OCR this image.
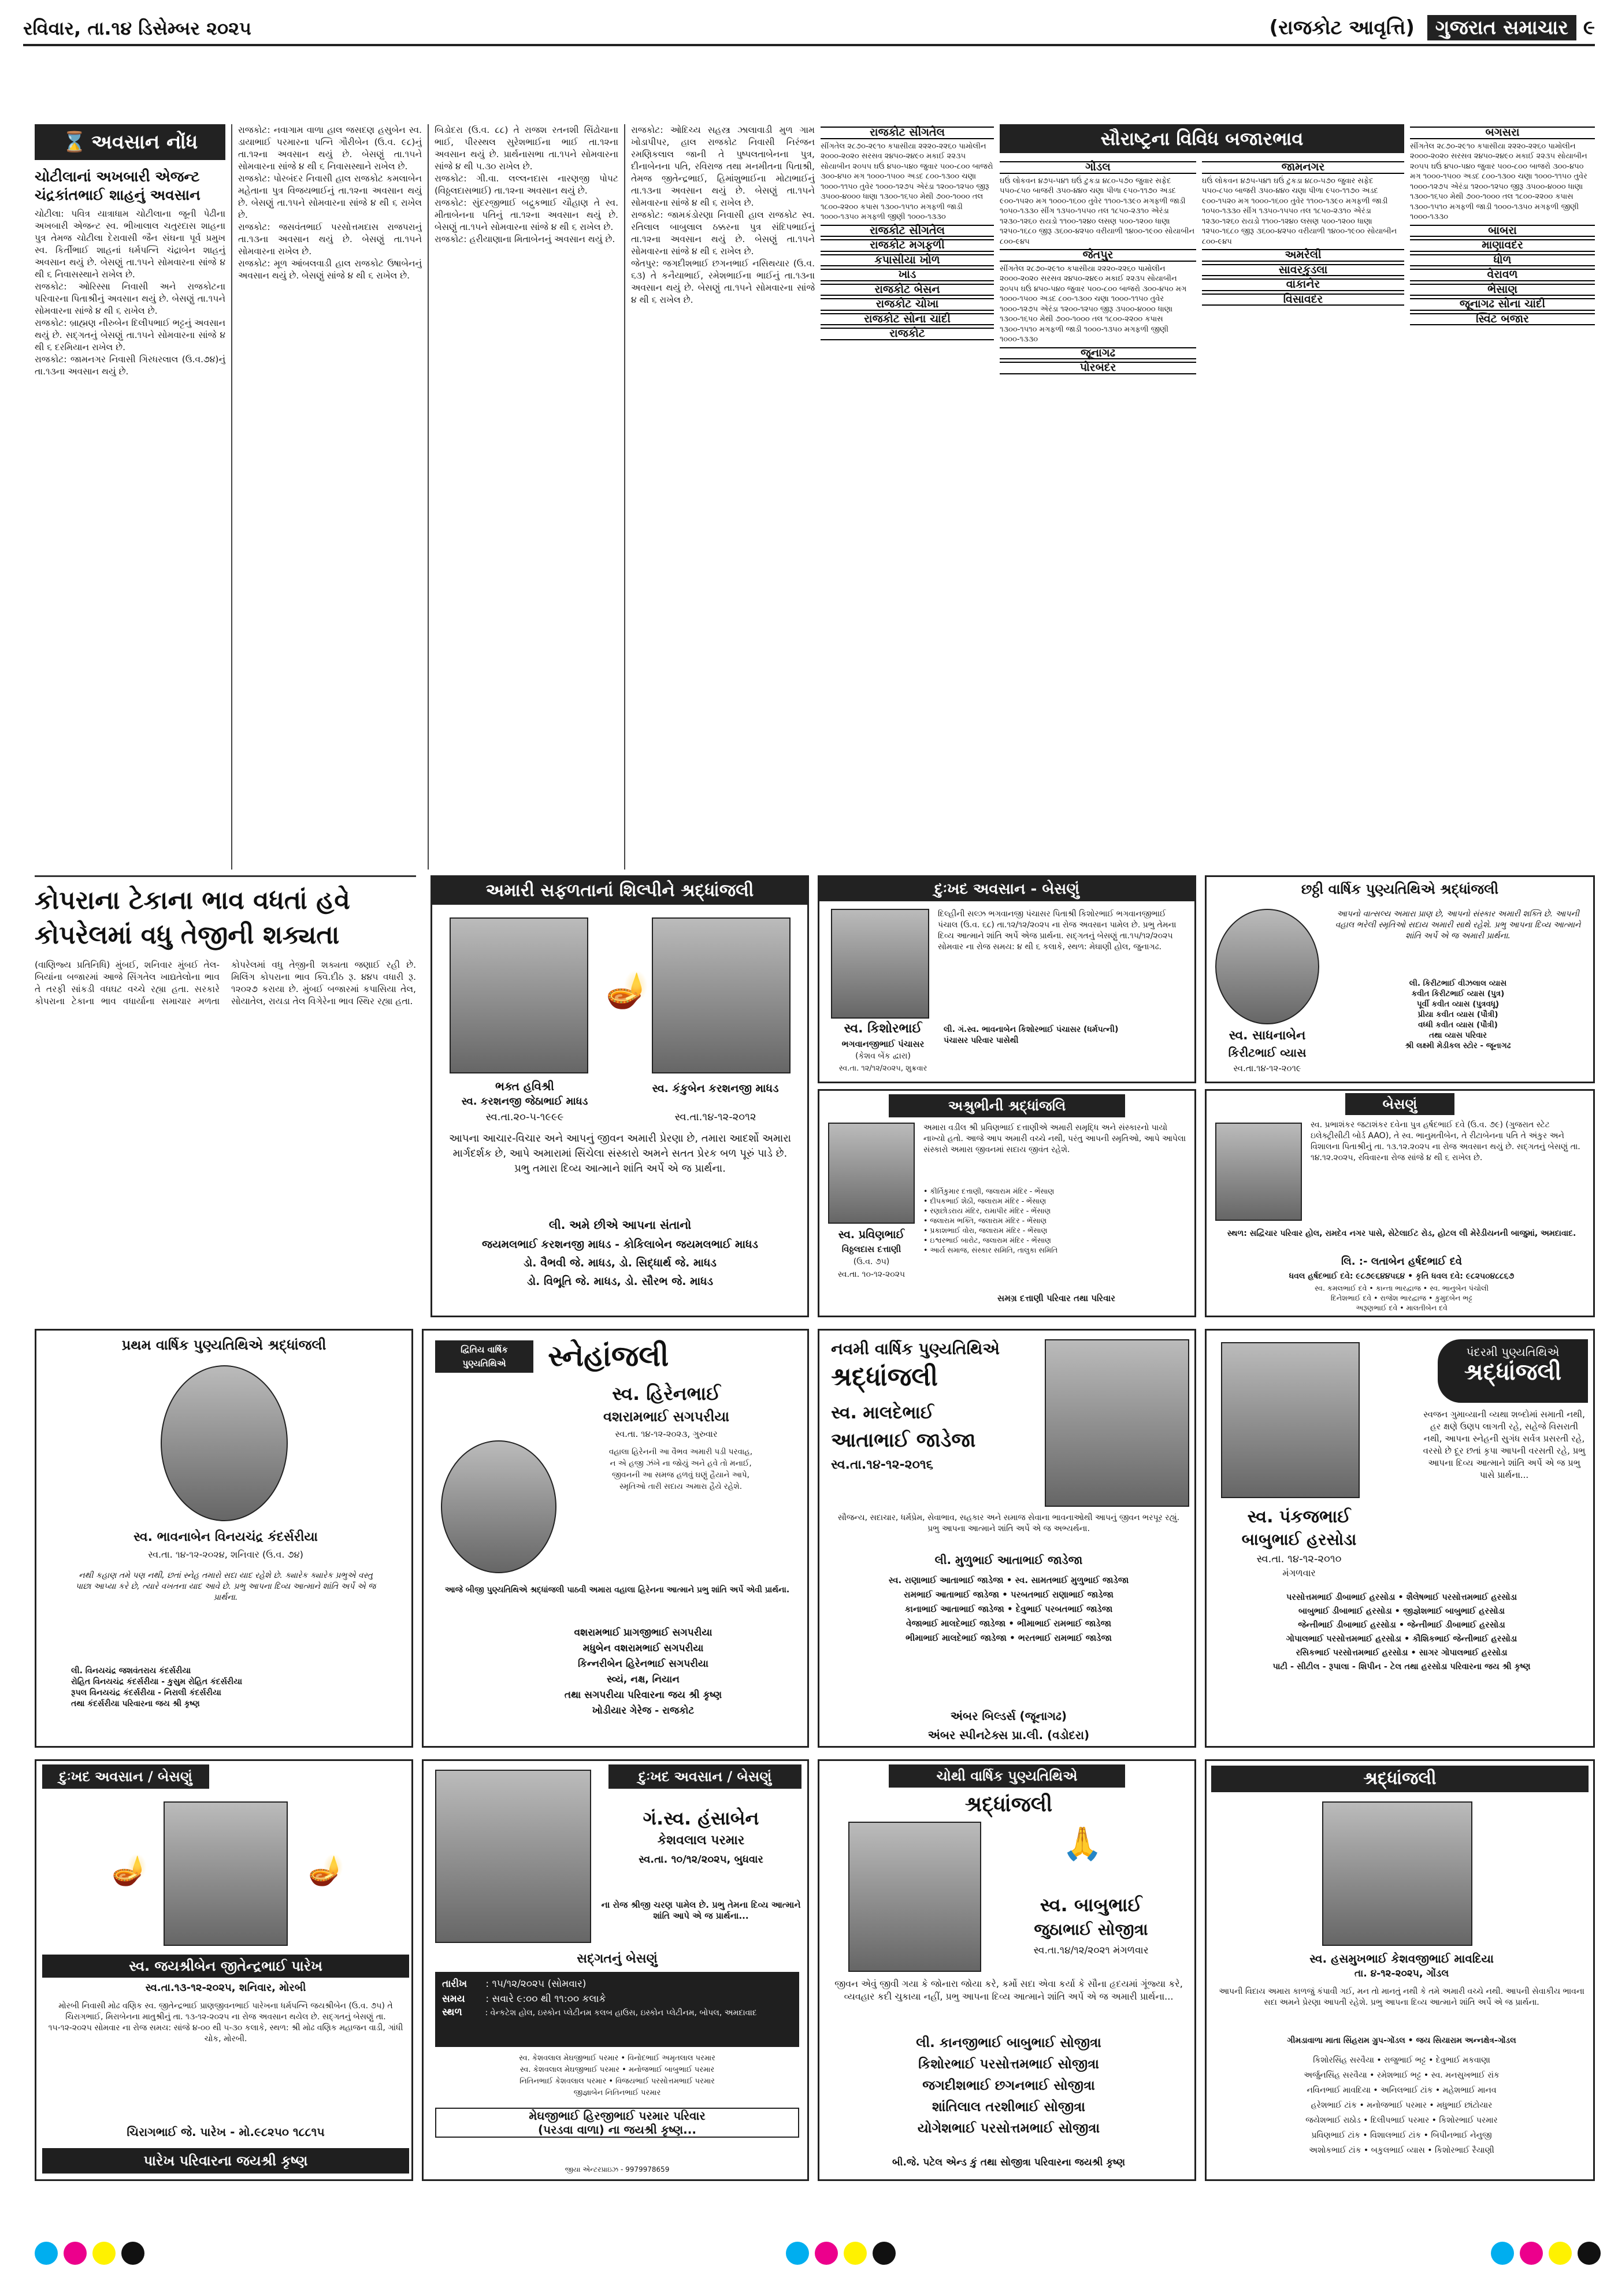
રવિવાર, તા.૧૪ ડિસેમ્બર ૨૦૨૫	(રાજકોટ આવૃત્તિ) ગુજરાત સમાચાર ૯
⌛ અવસાન નોંધ
ચોટીલાનાં અખબારી એજન્ટ ચંદ્રકાંતભાઈ શાહનું અવસાન
ચોટીલા: પવિત્ર યાત્રાધામ ચોટીલાના જૂની પેઢીના અખબારી એજન્ટ સ્વ. ભીખાલાલ ચતુરદાસ શાહના પુત્ર તેમજ ચોટીલા દેરાવાસી જૈન સંઘના પૂર્વ પ્રમુખ સ્વ. કિર્તીભાઈ શાહનાં ધર્મપત્નિ ચંદ્રાબેન શાહનું અવસાન થયું છે. બેસણું તા.૧૫ને સોમવારના સાંજે ૪ થી ૬ નિવાસસ્થાને રાખેલ છે.
રાજકોટ: ઓરિસ્સા નિવાસી અને રાજકોટના પરિવારના પિતાશ્રીનું અવસાન થયું છે. બેસણું તા.૧૫ને સોમવારના સાંજે ૪ થી ૬ રાખેલ છે.
રાજકોટ: બ્રાહ્મણ નીરુબેન દિલીપભાઈ ભટ્ટનું અવસાન થયું છે. સદ્ગતનું બેસણું તા.૧૫ને સોમવારના સાંજે ૪ થી ૬ દરમિયાન રાખેલ છે.
રાજકોટ: જામનગર નિવાસી ગિરધરલાલ (ઉ.વ.૭૪)નું તા.૧૩ના અવસાન થયું છે.
રાજકોટ: નવાગામ વાળા હાલ જસદણ હસુબેન સ્વ. ડાયાભાઈ પરમારના પત્નિ ગૌરીબેન (ઉ.વ. ૯૮)નું તા.૧૨ના અવસાન થયું છે. બેસણું તા.૧૫ને સોમવારના સાંજે ૪ થી ૬ નિવાસસ્થાને રાખેલ છે.
રાજકોટ: પોરબંદર નિવાસી હાલ રાજકોટ કમલાબેન મહેતાના પુત્ર વિજયભાઈનું તા.૧૨ના અવસાન થયું છે. બેસણું તા.૧૫ને સોમવારના સાંજે ૪ થી ૬ રાખેલ છે.
રાજકોટ: જસવંતભાઈ પરસોત્તમદાસ રાજપરાનું તા.૧૩ના અવસાન થયું છે. બેસણું તા.૧૫ને સોમવારના રાખેલ છે.
રાજકોટ: મૂળ આંબલવાડી હાલ રાજકોટ ઉષાબેનનું અવસાન થયું છે. બેસણું સાંજે ૪ થી ૬ રાખેલ છે.
બિડોદરા (ઉ.વ. ૮૮) તે રાજશ રતનશી સિંઢોચાના ભાઈ, પીરસ્થલ સુરેશભાઈના ભાઈ તા.૧૨ના અવસાન થયું છે. પ્રાર્થનાસભા તા.૧૫ને સોમવારના સાંજે ૪ થી ૫.૩૦ રાખેલ છે.
રાજકોટ: ગી.વા. લલ્લનદાસ નારણજી પોપટ (વિઠ્ઠલદાસભાઈ) તા.૧૨ના અવસાન થયું છે.
રાજકોટ: સુંદરજીભાઈ બદ્રુકભાઈ ચૌહાણ તે સ્વ. મીતાબેનના પતિનું તા.૧૨ના અવસાન થયું છે. બેસણું તા.૧૫ને સોમવારના સાંજે ૪ થી ૬ રાખેલ છે.
રાજકોટ: હરીયાણાના મિતાબેનનું અવસાન થયું છે.
રાજકોટ: ઓદિચ્ય સહસ્ત્ર ઝાલાવાડી મુળ ગામ ખોડાપીપર, હાલ રાજકોટ નિવાસી નિરંજન રમણિકલાલ જાની તે પુષ્પલતાબેનના પુત્ર, દીનાબેનના પતિ, રવિરાજ તથા મનમીતના પિતાશ્રી, તેમજ જીતેન્દ્રભાઈ, હિમાંશુભાઈના મોટાભાઈનું તા.૧૩ના અવસાન થયું છે. બેસણું તા.૧૫ને સોમવારના સાંજે ૪ થી ૬ રાખેલ છે.
રાજકોટ: જામકંડોરણા નિવાસી હાલ રાજકોટ સ્વ. રતિલાલ બાબુલાલ ઠક્કરના પુત્ર સંદિપભાઈનું તા.૧૨ના અવસાન થયું છે. બેસણું તા.૧૫ને સોમવારના સાંજે ૪ થી ૬ રાખેલ છે.
જેતપુર: જગદીશભાઈ છગનભાઈ નસિથયાર (ઉ.વ. ૬૩) તે કનૈયાભાઈ, રમેશભાઈના ભાઈનું તા.૧૩ના અવસાન થયું છે. બેસણું તા.૧૫ને સોમવારના સાંજે ૪ થી ૬ રાખેલ છે.
કોપરાના ટેકાના ભાવ વધતાં હવે
કોપરેલમાં વધુ તેજીની શક્યતા
(વાણિજ્ય પ્રતિનિધિ) મુંબઈ, શનિવાર મુંબઈ તેલ-બિયાંના બજારમાં આજે સિંગતેલ ખાદ્યતેલોના ભાવ તે તરફી સાંકડી વધઘટ વચ્ચે રહ્યા હતા. સરકારે કોપરાના ટેકાના ભાવ વધાર્યાના સમાચાર મળતા કોપરેલમાં વધુ તેજીની શક્યતા જણાઈ રહી છે. મિલિંગ કોપરાના ભાવ ક્વિ.દીઠ રૂ. ૪૪૫ વધારી રૂ. ૧૨૦૨૭ કરાયા છે. મુંબઈ બજારમાં કપાસિયા તેલ, સોયાતેલ, રાયડા તેલ વિગેરેના ભાવ સ્થિર રહ્યા હતા.
રાજકોટ સીંગતેલ
સીંગતેલ ૨૮૭૦-૨૯૧૦ કપાસીયા ૨૨૨૦-૨૨૬૦ પામોલીન ૨૦૦૦-૨૦૨૦ સરસવ ૨૪૫૦-૨૪૯૦ મકાઈ ૨૨૩૫ સોયાબીન ૨૦૫૫ ઘઉં ૪૫૦-૫૪૦ જુવાર ૫૦૦-૮૦૦ બાજરો ૩૦૦-૪૫૦ મગ ૧૦૦૦-૧૫૦૦ અડદ ૮૦૦-૧૩૦૦ ચણા ૧૦૦૦-૧૧૫૦ તુવેર ૧૦૦૦-૧૨૭૫ એરંડા ૧૨૦૦-૧૨૫૦ જીરૂ ૩૫૦૦-૪૦૦૦ ધાણા ૧૩૦૦-૧૬૫૦ મેથી ૭૦૦-૧૦૦૦ તલ ૧૮૦૦-૨૨૦૦ કપાસ ૧૩૦૦-૧૫૧૦ મગફળી જાડી ૧૦૦૦-૧૩૫૦ મગફળી જીણી ૧૦૦૦-૧૩૩૦
રાજકોટ સીંગતેલ
રાજકોટ મગફળી
કપાસીયા ખોળ
ખાંડ
રાજકોટ બેસન
રાજકોટ ચોખા
રાજકોટ સોના ચાંદી
રાજકોટ
સૌરાષ્ટ્રના વિવિધ બજારભાવ
ગોંડલ
ઘઉં લોકવન ૪૭૫-૫૪૧ ઘઉં ટુકડા ૪૮૦-૫૭૦ જુવાર સફેદ ૫૫૦-૮૫૦ બાજરી ૩૫૦-૪૪૦ ચણા પીળા ૯૫૦-૧૧૭૦ અડદ ૯૦૦-૧૫૨૦ મગ ૧૦૦૦-૧૬૦૦ તુવેર ૧૧૦૦-૧૩૯૦ મગફળી જાડી ૧૦૫૦-૧૩૩૦ સીંગ ૧૩૫૦-૧૫૫૦ તલ ૧૮૫૦-૨૩૧૦ એરંડા ૧૨૩૦-૧૨૬૦ રાયડો ૧૧૦૦-૧૨૪૦ લસણ ૫૦૦-૧૨૦૦ ધાણા ૧૨૫૦-૧૬૮૦ જીરૂ ૩૬૦૦-૪૨૫૦ વરીયાળી ૧૪૦૦-૧૯૦૦ સોયાબીન ૮૦૦-૯૪૫
જેતપુર
સીંગતેલ ૨૮૭૦-૨૯૧૦ કપાસીયા ૨૨૨૦-૨૨૬૦ પામોલીન ૨૦૦૦-૨૦૨૦ સરસવ ૨૪૫૦-૨૪૯૦ મકાઈ ૨૨૩૫ સોયાબીન ૨૦૫૫ ઘઉં ૪૫૦-૫૪૦ જુવાર ૫૦૦-૮૦૦ બાજરો ૩૦૦-૪૫૦ મગ ૧૦૦૦-૧૫૦૦ અડદ ૮૦૦-૧૩૦૦ ચણા ૧૦૦૦-૧૧૫૦ તુવેર ૧૦૦૦-૧૨૭૫ એરંડા ૧૨૦૦-૧૨૫૦ જીરૂ ૩૫૦૦-૪૦૦૦ ધાણા ૧૩૦૦-૧૬૫૦ મેથી ૭૦૦-૧૦૦૦ તલ ૧૮૦૦-૨૨૦૦ કપાસ ૧૩૦૦-૧૫૧૦ મગફળી જાડી ૧૦૦૦-૧૩૫૦ મગફળી જીણી ૧૦૦૦-૧૩૩૦
જૂનાગઢ
પોરબંદર
જામનગર
ઘઉં લોકવન ૪૭૫-૫૪૧ ઘઉં ટુકડા ૪૮૦-૫૭૦ જુવાર સફેદ ૫૫૦-૮૫૦ બાજરી ૩૫૦-૪૪૦ ચણા પીળા ૯૫૦-૧૧૭૦ અડદ ૯૦૦-૧૫૨૦ મગ ૧૦૦૦-૧૬૦૦ તુવેર ૧૧૦૦-૧૩૯૦ મગફળી જાડી ૧૦૫૦-૧૩૩૦ સીંગ ૧૩૫૦-૧૫૫૦ તલ ૧૮૫૦-૨૩૧૦ એરંડા ૧૨૩૦-૧૨૬૦ રાયડો ૧૧૦૦-૧૨૪૦ લસણ ૫૦૦-૧૨૦૦ ધાણા ૧૨૫૦-૧૬૮૦ જીરૂ ૩૬૦૦-૪૨૫૦ વરીયાળી ૧૪૦૦-૧૯૦૦ સોયાબીન ૮૦૦-૯૪૫
અમરેલી
સાવરકુંડલા
વાંકાનેર
વિસાવદર
બગસરા
સીંગતેલ ૨૮૭૦-૨૯૧૦ કપાસીયા ૨૨૨૦-૨૨૬૦ પામોલીન ૨૦૦૦-૨૦૨૦ સરસવ ૨૪૫૦-૨૪૯૦ મકાઈ ૨૨૩૫ સોયાબીન ૨૦૫૫ ઘઉં ૪૫૦-૫૪૦ જુવાર ૫૦૦-૮૦૦ બાજરો ૩૦૦-૪૫૦ મગ ૧૦૦૦-૧૫૦૦ અડદ ૮૦૦-૧૩૦૦ ચણા ૧૦૦૦-૧૧૫૦ તુવેર ૧૦૦૦-૧૨૭૫ એરંડા ૧૨૦૦-૧૨૫૦ જીરૂ ૩૫૦૦-૪૦૦૦ ધાણા ૧૩૦૦-૧૬૫૦ મેથી ૭૦૦-૧૦૦૦ તલ ૧૮૦૦-૨૨૦૦ કપાસ ૧૩૦૦-૧૫૧૦ મગફળી જાડી ૧૦૦૦-૧૩૫૦ મગફળી જીણી ૧૦૦૦-૧૩૩૦
બાબરા
માણાવદર
ધોળ
વેરાવળ
ભેંસાણ
જૂનાગઢ સોના ચાંદી
સ્વિટ બજાર
અમારી સફળતાનાં શિલ્પીને શ્રદ્ધાંજલી
🪔
ભક્ત હવિશ્રી
સ્વ. કરશનજી જેઠાભાઈ માધડ
સ્વ.તા.૨૦-૫-૧૯૯૯
સ્વ. કંકુબેન કરશનજી માધડ
સ્વ.તા.૧૪-૧૨-૨૦૧૨
આપના આચાર-વિચાર અને આપનું જીવન અમારી પ્રેરણા છે, તમારા આદર્શો અમારા માર્ગદર્શક છે, આપે અમારામાં સિંચેલા સંસ્કારો અમને સતત પ્રેરક બળ પૂરું પાડે છે. પ્રભુ તમારા દિવ્ય આત્માને શાંતિ અર્પે એ જ પ્રાર્થના.
લી. અમે છીએ આપના સંતાનો
જયમલભાઈ કરશનજી માધડ - કોકિલાબેન જયમલભાઈ માધડ
ડો. વૈભવી જે. માધડ, ડો. સિદ્ધાર્થ જે. માધડ
ડો. વિભૂતિ જે. માધડ, ડો. સૌરભ જે. માધડ
દુઃખદ અવસાન - બેસણું
દિલ્હીની સલ્ઝ ભગવાનજી પંચાસર પિતાશ્રી કિશોરભાઈ ભગવાનજીભાઈ પંચાલ (ઉ.વ. ૬૮) તા.૧૨/૧૨/૨૦૨૫ ના રોજ અવસાન પામેલ છે. પ્રભુ તેમના દિવ્ય આત્માને શાંતિ અર્પે એજ પ્રાર્થના. સદ્ગતનું બેસણું તા.૧૫/૧૨/૨૦૨૫ સોમવાર ના રોજ સમય: ૪ થી ૬ કલાકે, સ્થળ: મેઘાણી હોલ, જુનાગઢ.
સ્વ. કિશોરભાઈ
ભગવાનજીભાઈ પંચાસર
(કેશવ બેંક દ્વારા)
સ્વ.તા. ૧૨/૧૨/૨૦૨૫, શુક્રવાર
લી. ગં.સ્વ. ભાવનાબેન કિશોરભાઈ પંચાસર (ધર્મપત્ની)
પંચાસર પરિવાર પાસેથી
છઠ્ઠી વાર્ષિક પુણ્યતિથિએ શ્રદ્ધાંજલી
આપનો વાત્સલ્ય અમારા પ્રાણ છે, આપનો સંસ્કાર અમારી શક્તિ છે. આપની વહાલ ભરેલી સ્મૃતિઓ સદાય અમારી સાથે રહેશે. પ્રભુ આપના દિવ્ય આત્માને શાંતિ અર્પે એ જ અમારી પ્રાર્થના.
સ્વ. સાધનાબેન
કિરીટભાઈ વ્યાસ
સ્વ.તા.૧૪-૧૨-૨૦૧૯
લી. કિરીટભાઈ વીઝલાલ વ્યાસ
કવીત કિરીટભાઈ વ્યાસ (પુત્ર)
પૂર્વી કવીત વ્યાસ (પુત્રવધૂ)
પ્રીયા કવીત વ્યાસ (પૌત્રી)
વધ્ધી કવીત વ્યાસ (પૌત્રી)
તથા વ્યાસ પરિવાર
શ્રી લક્ષ્મી મેડીકલ સ્ટોર - જૂનાગઢ
અશ્રુભીની શ્રદ્ધાંજલિ
અમારા વડીલ શ્રી પ્રવિણભાઈ દત્તાણીએ અમારી સમૃદ્ધિ અને સંસ્કારનો પાયો નાખ્યો હતો. આજે આપ અમારી વચ્ચે નથી, પરંતુ આપની સ્મૃતિઓ, આપે આપેલા સંસ્કારો અમારા જીવનમાં સદાય જીવંત રહેશે.
• કીર્તિકુમાર દત્તાણી, જલારામ મંદિર - ભેંસાણ
• દીપકભાઈ શેઠી, જલારામ મંદિર - ભેંસાણ
• રણછોડરાય મંદિર, રામાપીર મંદિર - ભેંસાણ
• જલારામ ભક્તિ, જલારામ મંદિર - ભેંસાણ
• પ્રકાશભાઈ વોરા, જલારામ મંદિર - ભેંસાણ
• ઇશ્વરભાઈ બારોટ, જલારામ મંદિર - ભેંસાણ
• આર્ય સમાજ, સંસ્કાર સમિતિ, તાલુકા સમિતિ
સ્વ. પ્રવિણભાઈ
વિઠ્ઠલદાસ દત્તાણી
(ઉ.વ. ૭૫)
સ્વ.તા. ૧૦-૧૨-૨૦૨૫
સમગ્ર દત્તાણી પરિવાર તથા પરિવાર
બેસણું
સ્વ. પ્રભાશંકર જટાશંકર દવેના પુત્ર હર્ષદભાઈ દવે (ઉ.વ. ૭૯) (ગુજરાત સ્ટેટ ઇલેક્ટ્રીસીટી બોર્ડ AAO), તે સ્વ. ભાનુમતીબેન, તે રીટાબેનના પતિ તે અંકુર અને વિશાલના પિતાશ્રીનું તા. ૧૩.૧૨.૨૦૨૫ ના રોજ અવસાન થયું છે. સદ્ગતનું બેસણું તા. ૧૪.૧૨.૨૦૨૫, રવિવારના રોજ સાંજે ૪ થી ૬ રાખેલ છે.
સ્થળ: સદ્વિચાર પરિવાર હોલ, રામદેવ નગર પાસે, સેટેલાઈટ રોડ, હોટલ લી મેરેડીયનની બાજુમાં, અમદાવાદ.
લિ. :- લતાબેન હર્ષદભાઈ દવે
ધવલ હર્ષદભાઈ દવે: ૯૮૭૯૬૪૪૫૬૪ • કૃતિ ધવલ દવે: ૯૮૨૫૦૪૮૮૬૭
સ્વ. કમલભાઈ દવે • કાન્તા ભારદ્વાજ • સ્વ. ભાનુબેન પંચોલી
દિનેશભાઈ દવે • રાજેશ ભારદ્વાજ • કુમુદબેન ભટ્ટ
અરૂણભાઈ દવે • માલતીબેન દવે
પ્રથમ વાર્ષિક પુણ્યતિથિએ શ્રદ્ધાંજલી
સ્વ. ભાવનાબેન વિનયચંદ્ર કંદર્સરીયા
સ્વ.તા. ૧૪-૧૨-૨૦૨૪, શનિવાર (ઉ.વ. ૭૪)
નથી કહાણ તમે પણ નથી, છતાં સ્નેહ તમારો સદા યાદ રહેશે છે. ક્યારેક ક્યારેક પ્રભુએ વસ્તુ પાછા આપ્યા કરે છે, ત્યારે વખતના યાદ આવે છે. પ્રભુ આપના દિવ્ય આત્માને શાંતિ અર્પે એ જ પ્રાર્થના.
લી. વિનયચંદ્ર જશવંતરાય કંદર્સરીયા
રોહિત વિનયચંદ્ર કંદર્સરીયા - કુસુમ રોહિત કંદર્સરીયા
રૂપલ વિનયચંદ્ર કંદર્સરીયા - નિરાલી કંદર્સરીયા
તથા કંદર્સરીયા પરિવારના જય શ્રી કૃષ્ણ
દ્વિતિય વાર્ષિક પુણ્યતિથિએ સ્નેહાંજલી
સ્વ. હિરેનભાઈ
વશરામભાઈ સગપરીયા
સ્વ.તા. ૧૪-૧૨-૨૦૨૩, ગુરુવાર
વહાલા હિરેનની આ વૈભવ અમારી પડી પરવાહ,
ન એ હજી ઝંખે ના જોયું અને હવે તો મનાઈ,
જીવનની આ સમજ હળવું ઘણું હૈયાને આપે,
સ્મૃતિઓ તારી સદાય અમારા હૈયે રહેશે.
આજે બીજી પુણ્યતિથિએ શ્રદ્ધાંજલી પાઠવી અમારા વહાલા હિરેનના આત્માને પ્રભુ શાંતિ અર્પે એવી પ્રાર્થના.
વશરામભાઈ પ્રાગજીભાઈ સગપરીયા
મધુબેન વશરામભાઈ સગપરીયા
કિન્નરીબેન હિરેનભાઈ સગપરીયા
સ્વ્યં, નક્ષ, નિયાન
તથા સગપરીયા પરિવારના જય શ્રી કૃષ્ણ
ખોડીયાર ગેરેજ - રાજકોટ
નવમી વાર્ષિક પુણ્યતિથિએ
શ્રદ્ધાંજલી
સ્વ. માલદેભાઈ
આતાભાઈ જાડેજા
સ્વ.તા.૧૪-૧૨-૨૦૧૬
સૌજન્ય, સદાચાર, ધર્મપ્રેમ, સેવાભાવ, સહકાર અને સમાજ સેવાના ભાવનાઓથી આપનું જીવન ભરપૂર રહ્યું. પ્રભુ આપના આત્માને શાંતિ અર્પે એ જ અભ્યર્થના.
લી. મુળુભાઈ આતાભાઈ જાડેજા
સ્વ. રાણાભાઈ આતાભાઈ જાડેજા • સ્વ. સામતભાઈ મુળુભાઈ જાડેજા
રામભાઈ આતાભાઈ જાડેજા • પરબતભાઈ રાણાભાઈ જાડેજા
કાનાભાઈ આતાભાઈ જાડેજા • દેવુભાઈ પરબતભાઈ જાડેજા
વેજાભાઈ માલદેભાઈ જાડેજા • ભીમાભાઈ રામભાઈ જાડેજા
ભીમાભાઈ માલદેભાઈ જાડેજા • ભરતભાઈ રામભાઈ જાડેજા
અંબર બિલ્ડર્સ (જૂનાગઢ)
અંબર સ્પીનટેક્સ પ્રા.લી. (વડોદરા)
પંદરમી પુણ્યતિથિએ
શ્રદ્ધાંજલી
સ્વજન ગુમાવ્યાની વ્યથા શબ્દોમાં સમાતી નથી, હર ક્ષણે ઉણપ લાગતી રહે, સહેજે વિસરાતી નથી, આપના સ્નેહની સુગંધ સર્વત્ર પ્રસરતી રહે, વરસો છે દૂર છતાં કૃપા આપની વરસતી રહે, પ્રભુ આપના દિવ્ય આત્માને શાંતિ અર્પે એ જ પ્રભુ પાસે પ્રાર્થના...
સ્વ. પંકજભાઈ
બાબુભાઈ હરસોડા
સ્વ.તા. ૧૪-૧૨-૨૦૧૦
મંગળવાર
પરસોત્તમભાઈ ડીબાભાઈ હરસોડા • શૈલેષભાઈ પરસોત્તમભાઈ હરસોડા
બાબુભાઈ ડીબાભાઈ હરસોડા • જીજ્ઞેશભાઈ બાબુભાઈ હરસોડા
જેન્તીભાઈ ડીબાભાઈ હરસોડા • જેન્તીભાઈ ડીબાભાઈ હરસોડા
ગોપાલભાઈ પરસોત્તમભાઈ હરસોડા • કૌશિકભાઈ જેન્તીભાઈ હરસોડા
રસિકભાઈ પરસોત્તમભાઈ હરસોડા • સાગર ગોપાલભાઈ હરસોડા
પાટી - સીટીલ - રૂપાલા - શિપીન - ટેલ તથા હરસોડા પરિવારના જય શ્રી કૃષ્ણ
દુઃખદ અવસાન / બેસણું
🪔	🪔
સ્વ. જયશ્રીબેન જીતેન્દ્રભાઈ પારેખ
સ્વ.તા.૧૩-૧૨-૨૦૨૫, શનિવાર, મોરબી
મોરબી નિવાસી મોઢ વણિક સ્વ. જીતેન્દ્રભાઈ પ્રાણજીવનભાઈ પારેખના ધર્મપત્નિ જયશ્રીબેન (ઉ.વ. ૭૫) તે ચિરાગભાઈ, મિરાબેનના માતુશ્રીનું તા. ૧૩-૧૨-૨૦૨૫ ના રોજ અવસાન થયેલ છે. સદ્ગતનું બેસણું તા. ૧૫-૧૨-૨૦૨૫ સોમવાર ના રોજ સમય: સાંજે ૪-૦૦ થી ૫-૩૦ કલાકે, સ્થળ: શ્રી મોઢ વણિક મહાજન વાડી, ગાંધી ચોક, મોરબી.
ચિરાગભાઈ જે. પારેખ - મો.૯૮૨૫૦ ૧૮૮૧૫
પારેખ પરિવારના જયશ્રી કૃષ્ણ
દુઃખદ અવસાન / બેસણું
ગં.સ્વ. હંસાબેન
કેશવલાલ પરમાર
સ્વ.તા. ૧૦/૧૨/૨૦૨૫, બુધવાર
ના રોજ શ્રીજી ચરણ પામેલ છે. પ્રભુ તેમના દિવ્ય આત્માને શાંતિ આપે એ જ પ્રાર્થના...
સદ્ગતનું બેસણું
તારીખ : ૧૫/૧૨/૨૦૨૫ (સોમવાર)
સમય : સવારે ૯:૦૦ થી ૧૧:૦૦ કલાકે
સ્થળ	: વેન્કટેશ હોલ, ઇસ્કોન પ્લેટીનમ કલબ હાઉસ, ઇસ્કોન પ્લેટીનમ, બોપલ, અમદાવાદ
સ્વ. કેશવલાલ મેઘજીભાઈ પરમાર • વિનોદભાઈ અમૃતલાલ પરમાર
સ્વ. કેશવલાલ મેઘજીભાઈ પરમાર • મનોજભાઈ બાબુભાઈ પરમાર
નિતિનભાઈ કેશવલાલ પરમાર • વિજયભાઈ પરસોત્તમભાઈ પરમાર
જીજ્ઞાબેન નિતિનભાઈ પરમાર
મેઘજીભાઈ હિરજીભાઈ પરમાર પરિવાર
(પરડવા વાળા) ના જયશ્રી કૃષ્ણ...
જીયા એન્ટરપ્રાઇઝ - 9979978659
ચોથી વાર્ષિક પુણ્યતિથિએ
શ્રદ્ધાંજલી
🙏
સ્વ. બાબુભાઈ
જુઠાભાઈ સોજીત્રા
સ્વ.તા.૧૪/૧૨/૨૦૨૧ મંગળવાર
જીવન એવું જીવી ગયા કે જોનારા જોયા કરે, કર્મો સદા એવા કર્યા કે સૌના હૃદયમાં ગૂંજ્યા કરે, વ્યવહાર કદી ચુકાયા નહીં, પ્રભુ આપના દિવ્ય આત્માને શાંતિ અર્પે એ જ અમારી પ્રાર્થના...
લી. કાનજીભાઈ બાબુભાઈ સોજીત્રા
કિશોરભાઈ પરસોત્તમભાઈ સોજીત્રા
જગદીશભાઈ છગનભાઈ સોજીત્રા
શાંતિલાલ તરશીભાઈ સોજીત્રા
યોગેશભાઈ પરસોત્તમભાઈ સોજીત્રા
બી.જે. પટેલ એન્ડ કું તથા સોજીત્રા પરિવારના જયશ્રી કૃષ્ણ
શ્રદ્ધાંજલી
સ્વ. હસમુખભાઈ કેશવજીભાઈ માવદિયા
તા. ૪-૧૨-૨૦૨૫, ગોંડલ
આપની વિદાય અમારા કાળજું કંપાવી ગઈ, મન તો માનતું નથી કે તમે અમારી વચ્ચે નથી. આપની સેવાકીય ભાવના સદા અમને પ્રેરણા આપતી રહેશે. પ્રભુ આપના દિવ્ય આત્માને શાંતિ અર્પે એ જ પ્રાર્થના.
ગીમડાવાળા માતા સિંહરામ ગ્રુપ-ગોંડલ • જય સિયારામ અન્નક્ષેત્ર-ગોંડલ
કિશોરસિંહ સરવૈયા • રાજુભાઈ ભટ્ટ • દેવુભાઈ મકવાણા
અર્જુનસિંહ સરવૈયા • રમેશભાઈ ભટ્ટ • સ્વ. મનસુખભાઈ રાંક
નવિનભાઈ માવદિયા • અનિલભાઈ ટાંક • મહેશભાઈ માનવ
હરેશભાઈ ટાંક • મનોજભાઈ પરમાર • મધુભાઈ છાંટોયાર
જયેશભાઈ રાઠોડ • દિલીપભાઈ પરમાર • કિશોરભાઈ પરમાર
પ્રવિણભાઈ ટાંક • વિશાલભાઈ ટાંક • બિપીનભાઈ નેનુજી
અશોકભાઈ ટાંક • બકુલભાઈ વ્યાસ • કિશોરભાઈ રૈયાણી
